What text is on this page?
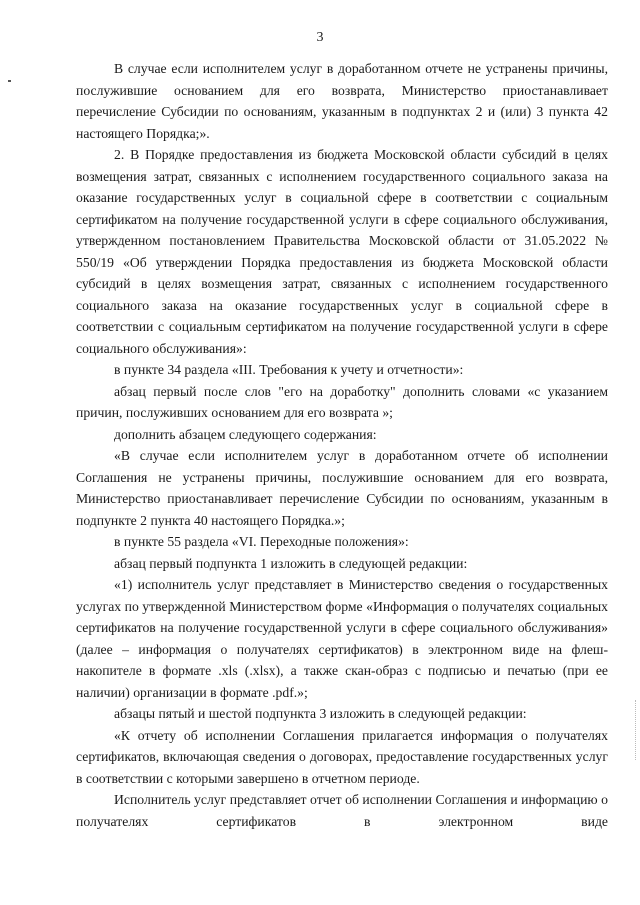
3

В случае если исполнителем услуг в доработанном отчете не устранены причины, послужившие основанием для его возврата, Министерство приостанавливает перечисление Субсидии по основаниям, указанным в подпунктах 2 и (или) 3 пункта 42 настоящего Порядка;».

2. В Порядке предоставления из бюджета Московской области субсидий в целях возмещения затрат, связанных с исполнением государственного социального заказа на оказание государственных услуг в социальной сфере в соответствии с социальным сертификатом на получение государственной услуги в сфере социального обслуживания, утвержденном постановлением Правительства Московской области от 31.05.2022 № 550/19 «Об утверждении Порядка предоставления из бюджета Московской области субсидий в целях возмещения затрат, связанных с исполнением государственного социального заказа на оказание государственных услуг в социальной сфере в соответствии с социальным сертификатом на получение государственной услуги в сфере социального обслуживания»:

в пункте 34 раздела «III. Требования к учету и отчетности»:

абзац первый после слов "его на доработку" дополнить словами «с указанием причин, послуживших основанием для его возврата »;

дополнить абзацем следующего содержания:

«В случае если исполнителем услуг в доработанном отчете об исполнении Соглашения не устранены причины, послужившие основанием для его возврата, Министерство приостанавливает перечисление Субсидии по основаниям, указанным в подпункте 2 пункта 40 настоящего Порядка.»;

в пункте 55 раздела «VI. Переходные положения»:

абзац первый подпункта 1 изложить в следующей редакции:

«1) исполнитель услуг представляет в Министерство сведения о государственных услугах по утвержденной Министерством форме «Информация о получателях социальных сертификатов на получение государственной услуги в сфере социального обслуживания» (далее – информация о получателях сертификатов) в электронном виде на флеш-накопителе в формате .xls (.xlsx), а также скан-образ с подписью и печатью (при ее наличии) организации в формате .pdf.»;

абзацы пятый и шестой подпункта 3 изложить в следующей редакции:

«К отчету об исполнении Соглашения прилагается информация о получателях сертификатов, включающая сведения о договорах, предоставление государственных услуг в соответствии с которыми завершено в отчетном периоде.

Исполнитель услуг представляет отчет об исполнении Соглашения и информацию о получателях сертификатов в электронном виде
